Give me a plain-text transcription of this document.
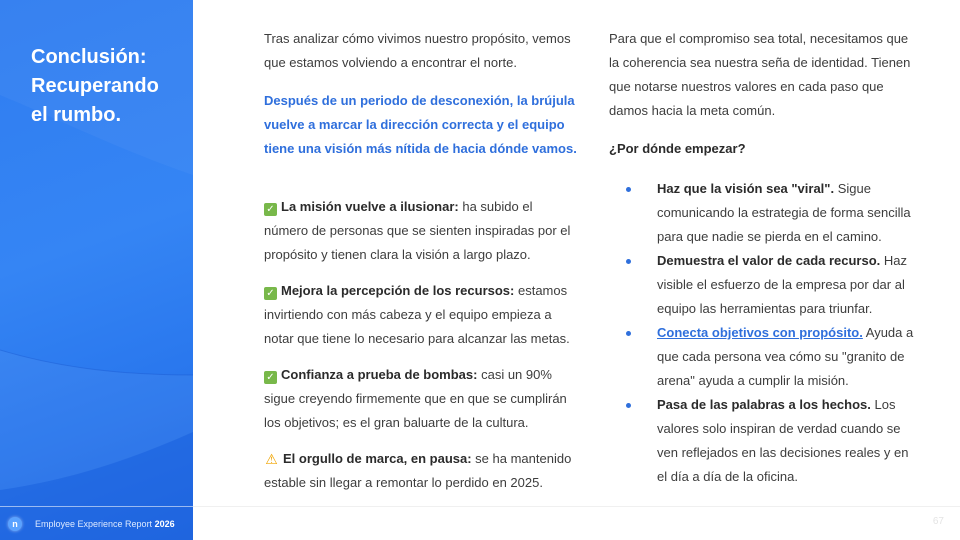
Conclusión: Recuperando el rumbo.
n	Employee Experience Report 2026

Tras analizar cómo vivimos nuestro propósito, vemos que estamos volviendo a encontrar el norte.

Después de un periodo de desconexión, la brújula vuelve a marcar la dirección correcta y el equipo tiene una visión más nítida de hacia dónde vamos.

✓ La misión vuelve a ilusionar: ha subido el número de personas que se sienten inspiradas por el propósito y tienen clara la visión a largo plazo.
✓ Mejora la percepción de los recursos: estamos invirtiendo con más cabeza y el equipo empieza a notar que tiene lo necesario para alcanzar las metas.
✓ Confianza a prueba de bombas: casi un 90% sigue creyendo firmemente que en que se cumplirán los objetivos; es el gran baluarte de la cultura.
⚠ El orgullo de marca, en pausa: se ha mantenido estable sin llegar a remontar lo perdido en 2025.

Para que el compromiso sea total, necesitamos que la coherencia sea nuestra seña de identidad. Tienen que notarse nuestros valores en cada paso que damos hacia la meta común.

¿Por dónde empezar?
Haz que la visión sea "viral". Sigue comunicando la estrategia de forma sencilla para que nadie se pierda en el camino.
Demuestra el valor de cada recurso. Haz visible el esfuerzo de la empresa por dar al equipo las herramientas para triunfar.
Conecta objetivos con propósito. Ayuda a que cada persona vea cómo su "granito de arena" ayuda a cumplir la misión.
Pasa de las palabras a los hechos. Los valores solo inspiran de verdad cuando se ven reflejados en las decisiones reales y en el día a día de la oficina.
67
